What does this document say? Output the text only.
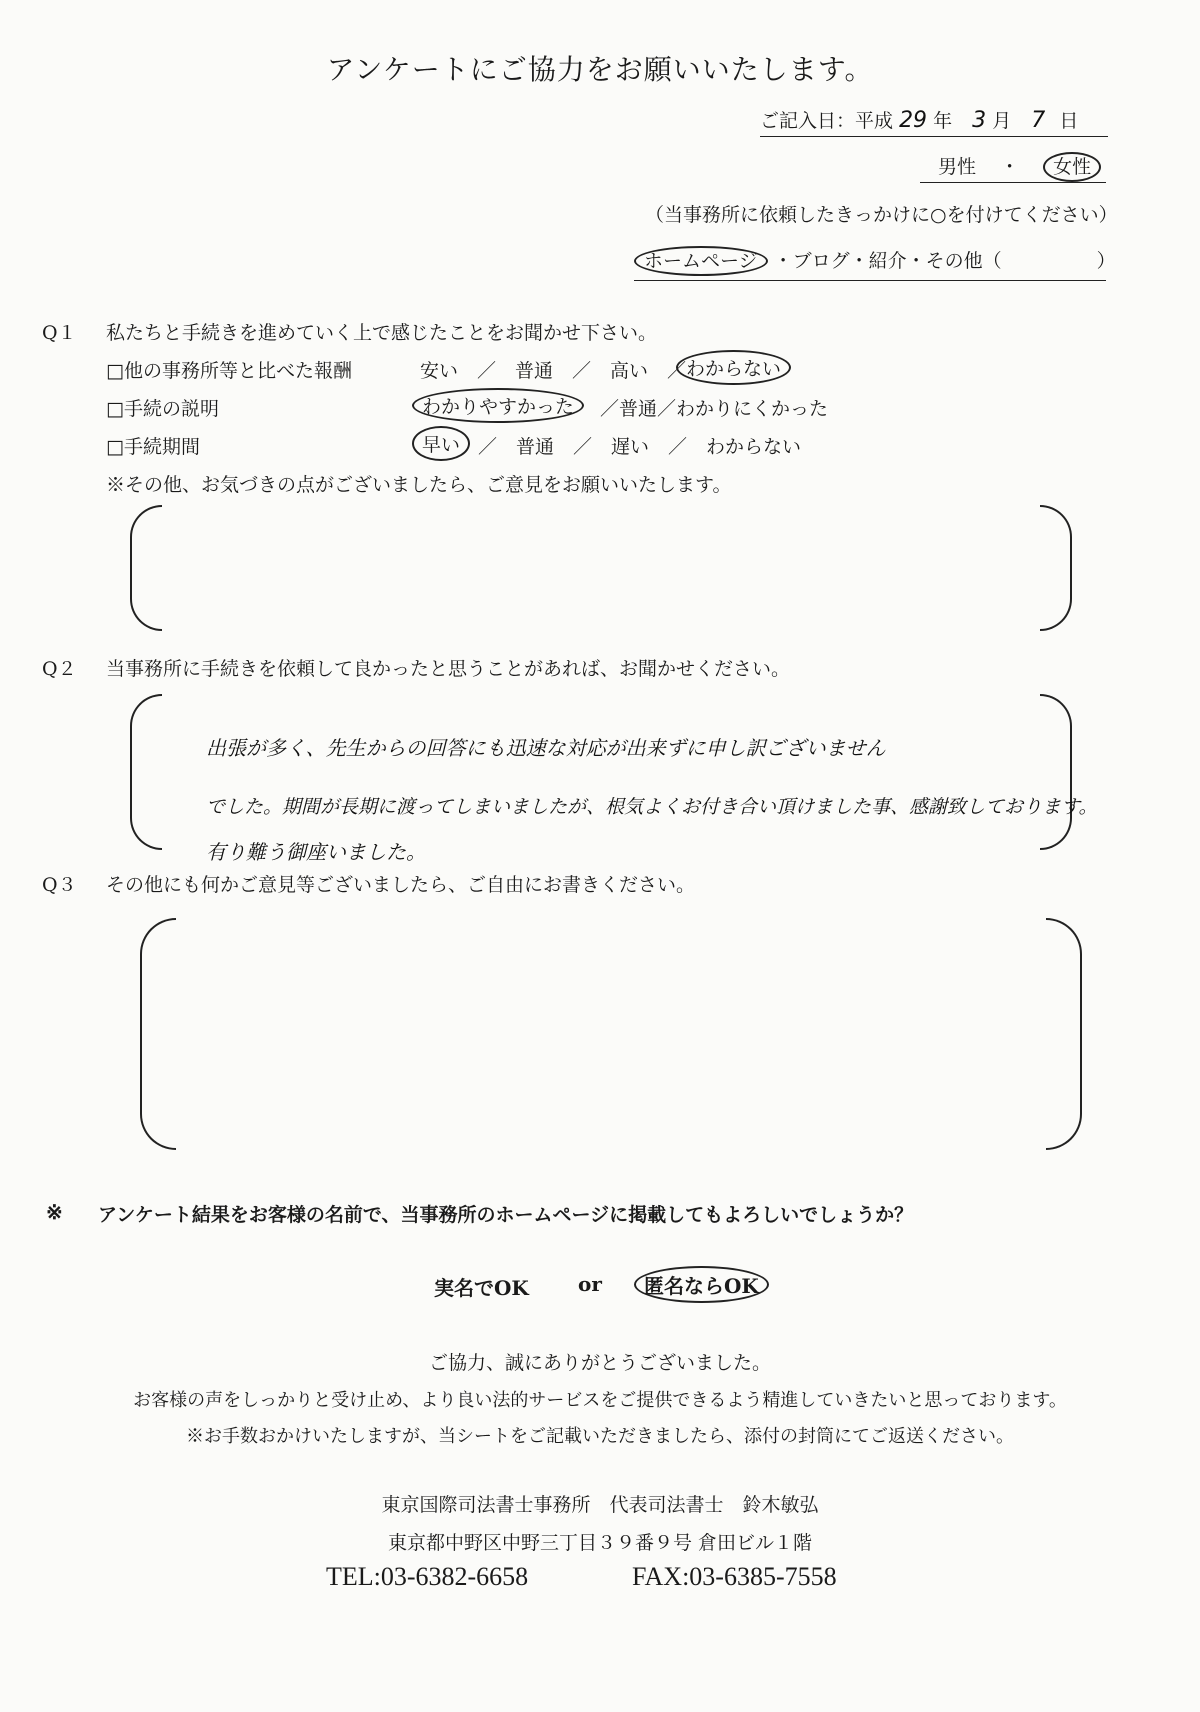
アンケートにご協力をお願いいたします。
ご記入日：平成 29 年 3 月 7 日
男性 ・ 女性
（当事務所に依頼したきっかけに○を付けてください）
ホームページ ・ブログ・紹介・その他（　　　　　）
Q１ 私たちと手続きを進めていく上で感じたことをお聞かせ下さい。
□他の事務所等と比べた報酬	安い　／　普通　／　高い　／ わからない
□手続の説明	わかりやすかった	／普通／わかりにくかった
□手続期間	早い ／　普通　／　遅い　／　わからない
※その他、お気づきの点がございましたら、ご意見をお願いいたします。
Q２ 当事務所に手続きを依頼して良かったと思うことがあれば、お聞かせください。
出張が多く、先生からの回答にも迅速な対応が出来ずに申し訳ございません
でした。期間が長期に渡ってしまいましたが、根気よくお付き合い頂けました事、感謝致しております。
有り難う御座いました。
Q３ その他にも何かご意見等ございましたら、ご自由にお書きください。
※ アンケート結果をお客様の名前で、当事務所のホームページに掲載してもよろしいでしょうか？
実名でOK or	匿名ならOK
ご協力、誠にありがとうございました。
お客様の声をしっかりと受け止め、より良い法的サービスをご提供できるよう精進していきたいと思っております。
※お手数おかけいたしますが、当シートをご記載いただきましたら、添付の封筒にてご返送ください。
東京国際司法書士事務所　代表司法書士　鈴木敏弘
東京都中野区中野三丁目３９番９号 倉田ビル１階
TEL:03-6382-6658	FAX:03-6385-7558
